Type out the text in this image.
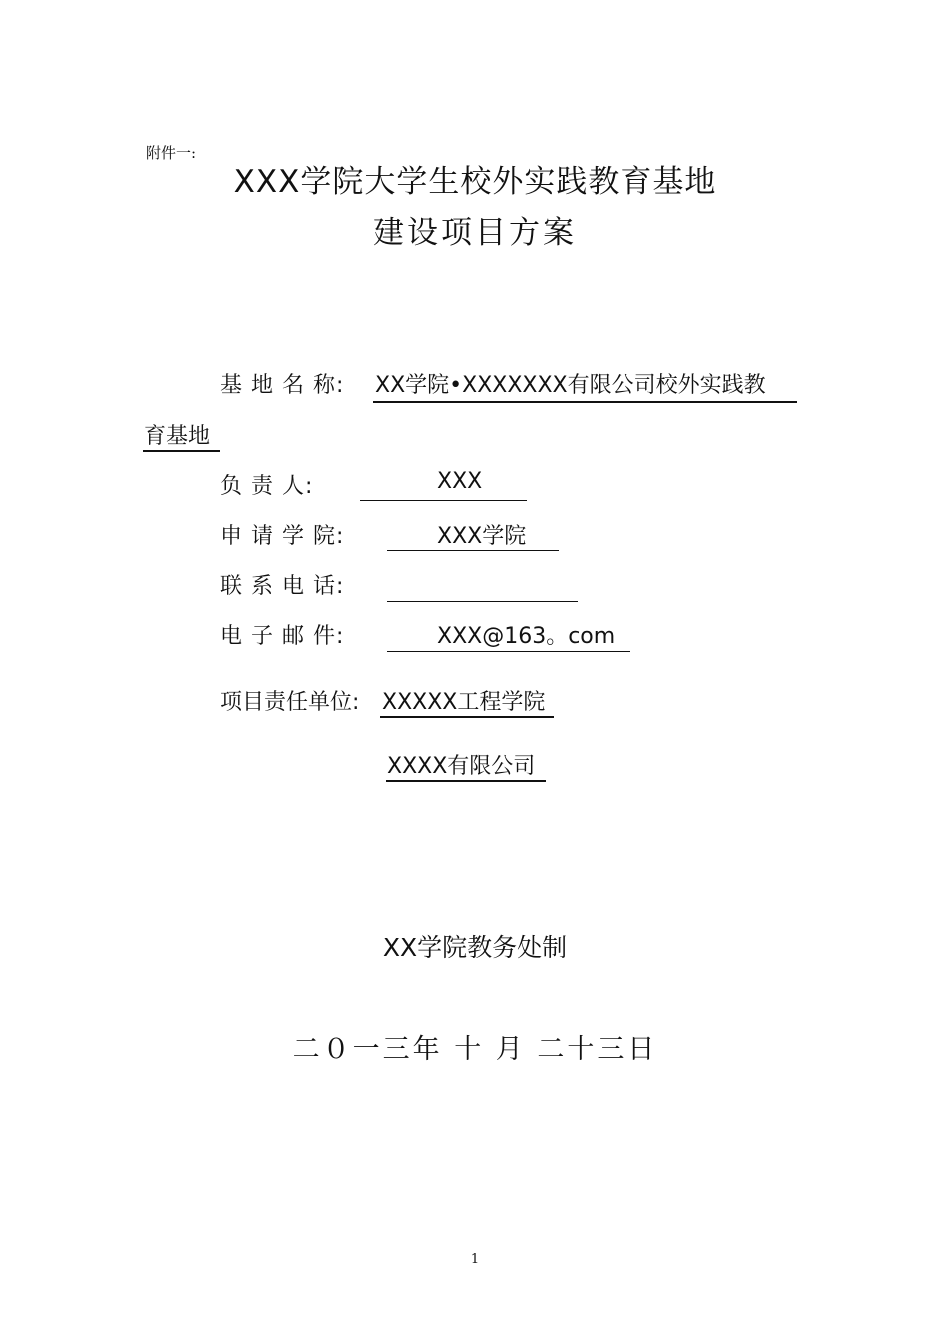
附件一:
XXX学院大学生校外实践教育基地
建设项目方案
基 地 名 称: XX学院•XXXXXXX有限公司校外实践教
育基地
负 责 人:	XXX
申 请 学 院:	XXX学院
联 系 电 话:
电 子 邮 件:	XXX@163。com
项目责任单位: XXXXX工程学院
XXXX有限公司
XX学院教务处制
二０一三年 十 月 二十三日
1
